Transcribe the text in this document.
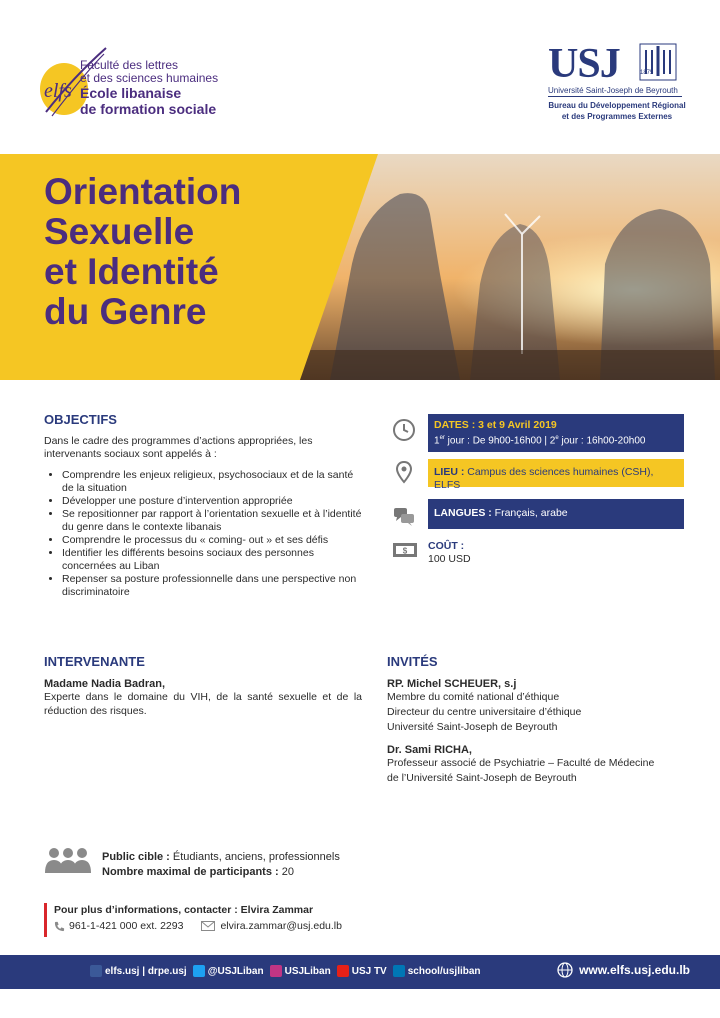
elfs
Faculté des lettres
et des sciences humaines
École libanaise
de formation sociale
USJ	1875
Université Saint-Joseph de Beyrouth
Bureau du Développement Régional
et des Programmes Externes
Orientation
Sexuelle
et Identité
du Genre
OBJECTIFS

Dans le cadre des programmes d’actions appropriées, les intervenants sociaux sont appelés à :

• Comprendre les enjeux religieux, psychosociaux et de la santé de la situation
• Développer une posture d’intervention appropriée
• Se repositionner par rapport à l’orientation sexuelle et à l’identité du genre dans le contexte libanais
• Comprendre le processus du « coming- out » et ses défis
• Identifier les différents besoins sociaux des personnes concernées au Liban
• Repenser sa posture professionnelle dans une perspective non discriminatoire
DATES : 3 et 9 Avril 2019
1er jour : De 9h00-16h00 | 2e jour : 16h00-20h00
LIEU : Campus des sciences humaines (CSH), ELFS
LANGUES : Français, arabe
$ COÛT :
100 USD
INTERVENANTE
Madame Nadia Badran,
Experte dans le domaine du VIH, de la santé sexuelle et de la réduction des risques.
INVITÉS
RP. Michel SCHEUER, s.j
Membre du comité national d’éthique
Directeur du centre universitaire d’éthique
Université Saint-Joseph de Beyrouth
Dr. Sami RICHA,
Professeur associé de Psychiatrie – Faculté de Médecine
de l’Université Saint-Joseph de Beyrouth
Public cible : Étudiants, anciens, professionnels
Nombre maximal de participants : 20
Pour plus d’informations, contacter : Elvira Zammar
961-1-421 000 ext. 2293	elvira.zammar@usj.edu.lb
elfs.usj | drpe.usj @USJLiban USJLiban USJ TV school/usjliban	www.elfs.usj.edu.lb
